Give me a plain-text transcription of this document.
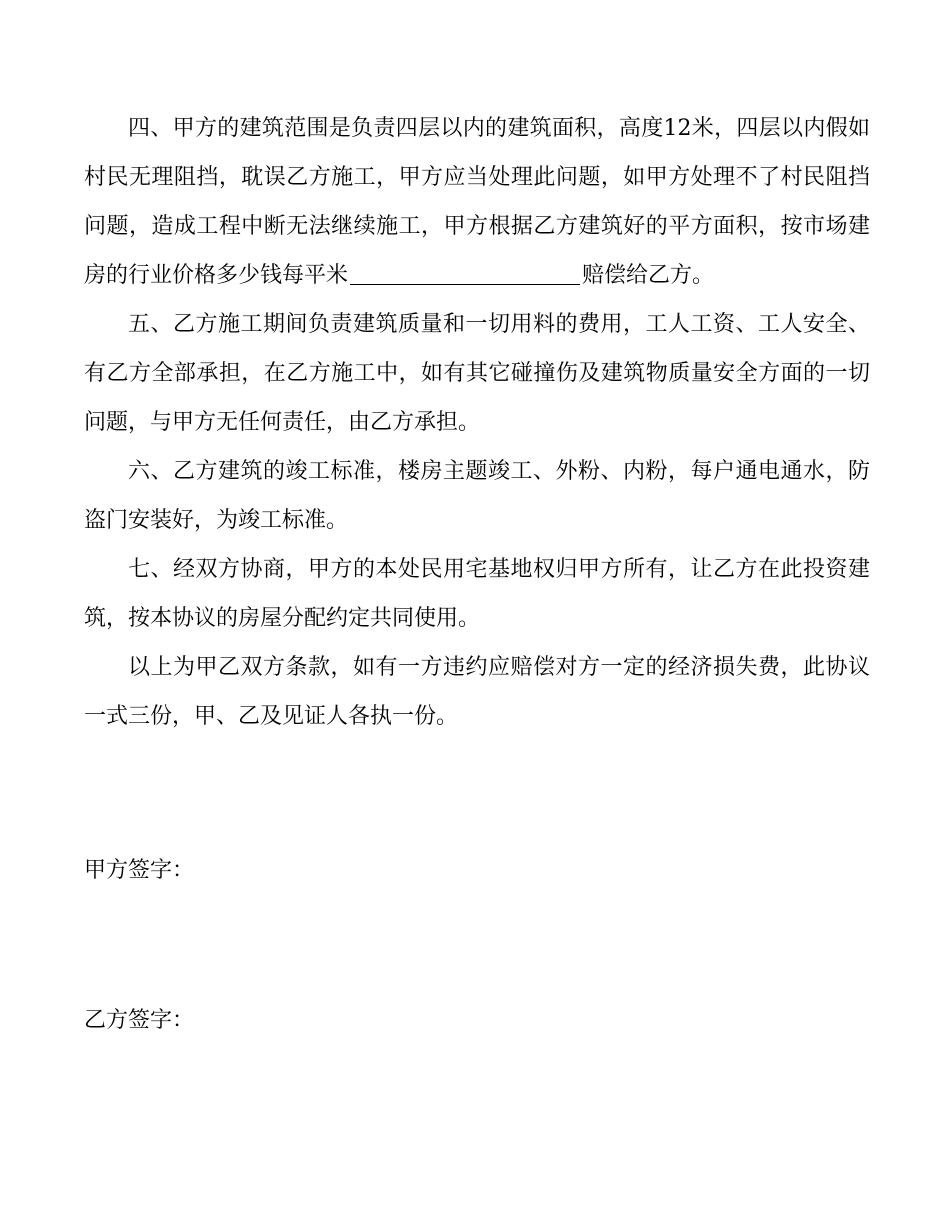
四、甲方的建筑范围是负责四层以内的建筑面积，高度12米，四层以内假如村民无理阻挡，耽误乙方施工，甲方应当处理此问题，如甲方处理不了村民阻挡问题，造成工程中断无法继续施工，甲方根据乙方建筑好的平方面积，按市场建房的行业价格多少钱每平米	赔偿给乙方。

五、乙方施工期间负责建筑质量和一切用料的费用，工人工资、工人安全、有乙方全部承担，在乙方施工中，如有其它碰撞伤及建筑物质量安全方面的一切问题，与甲方无任何责任，由乙方承担。

六、乙方建筑的竣工标准，楼房主题竣工、外粉、内粉，每户通电通水，防盗门安装好，为竣工标准。

七、经双方协商，甲方的本处民用宅基地权归甲方所有，让乙方在此投资建筑，按本协议的房屋分配约定共同使用。

以上为甲乙双方条款，如有一方违约应赔偿对方一定的经济损失费，此协议一式三份，甲、乙及见证人各执一份。

甲方签字：

乙方签字：
